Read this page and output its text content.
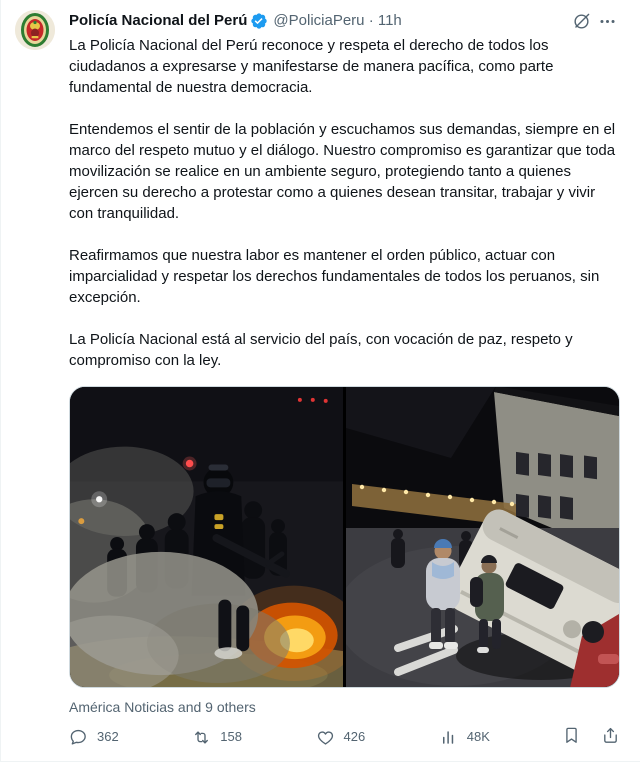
Policía Nacional del Perú @PoliciaPeru · 11h

La Policía Nacional del Perú reconoce y respeta el derecho de todos los ciudadanos a expresarse y manifestarse de manera pacífica, como parte fundamental de nuestra democracia.

Entendemos el sentir de la población y escuchamos sus demandas, siempre en el marco del respeto mutuo y el diálogo. Nuestro compromiso es garantizar que toda movilización se realice en un ambiente seguro, protegiendo tanto a quienes ejercen su derecho a protestar como a quienes desean transitar, trabajar y vivir con tranquilidad.

Reafirmamos que nuestra labor es mantener el orden público, actuar con imparcialidad y respetar los derechos fundamentales de todos los peruanos, sin excepción.

La Policía Nacional está al servicio del país, con vocación de paz, respeto y compromiso con la ley.

América Noticias and 9 others
362	158	426	48K
